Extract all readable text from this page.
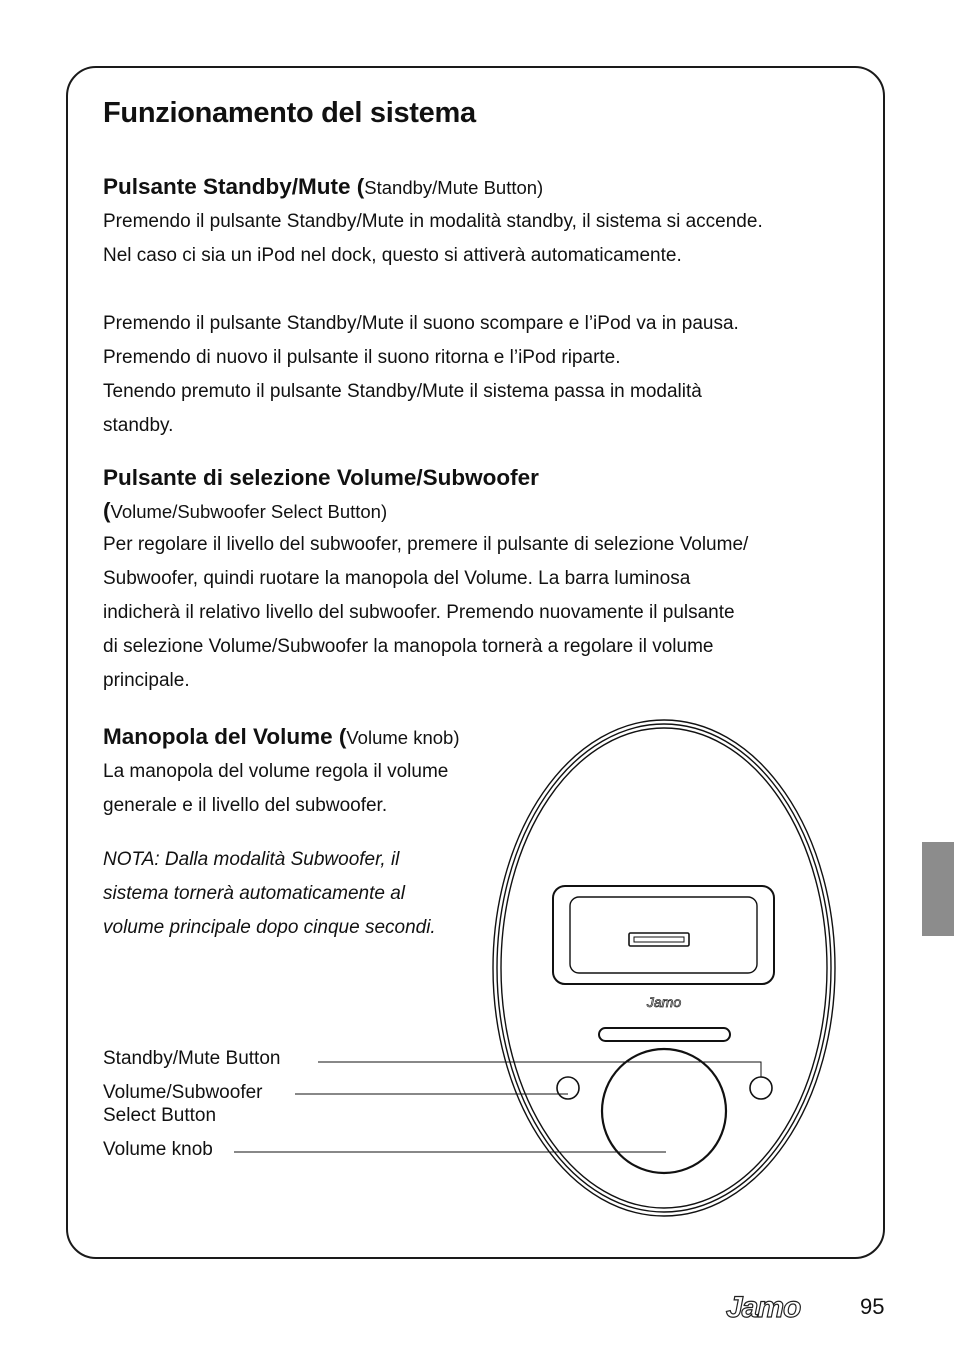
Funzionamento del sistema
Pulsante Standby/Mute (Standby/Mute Button)

Premendo il pulsante Standby/Mute in modalità standby, il sistema si accende.

Nel caso ci sia un iPod nel dock, questo si attiverà automaticamente.

Premendo il pulsante Standby/Mute il suono scompare e l’iPod va in pausa.

Premendo di nuovo il pulsante il suono ritorna e l’iPod riparte.

Tenendo premuto il pulsante Standby/Mute il sistema passa in modalità

standby.

Pulsante di selezione Volume/Subwoofer
(Volume/Subwoofer Select Button)

Per regolare il livello del subwoofer, premere il pulsante di selezione Volume/

Subwoofer, quindi ruotare la manopola del Volume. La barra luminosa

indicherà il relativo livello del subwoofer. Premendo nuovamente il pulsante

di selezione Volume/Subwoofer la manopola tornerà a regolare il volume

principale.

Manopola del Volume (Volume knob)

La manopola del volume regola il volume

generale e il livello del subwoofer.

NOTA: Dalla modalità Subwoofer, il

sistema tornerà automaticamente al

volume principale dopo cinque secondi.

Jamo
Standby/Mute Button
Volume/Subwoofer
Select Button
Volume knob
Jamo	95
